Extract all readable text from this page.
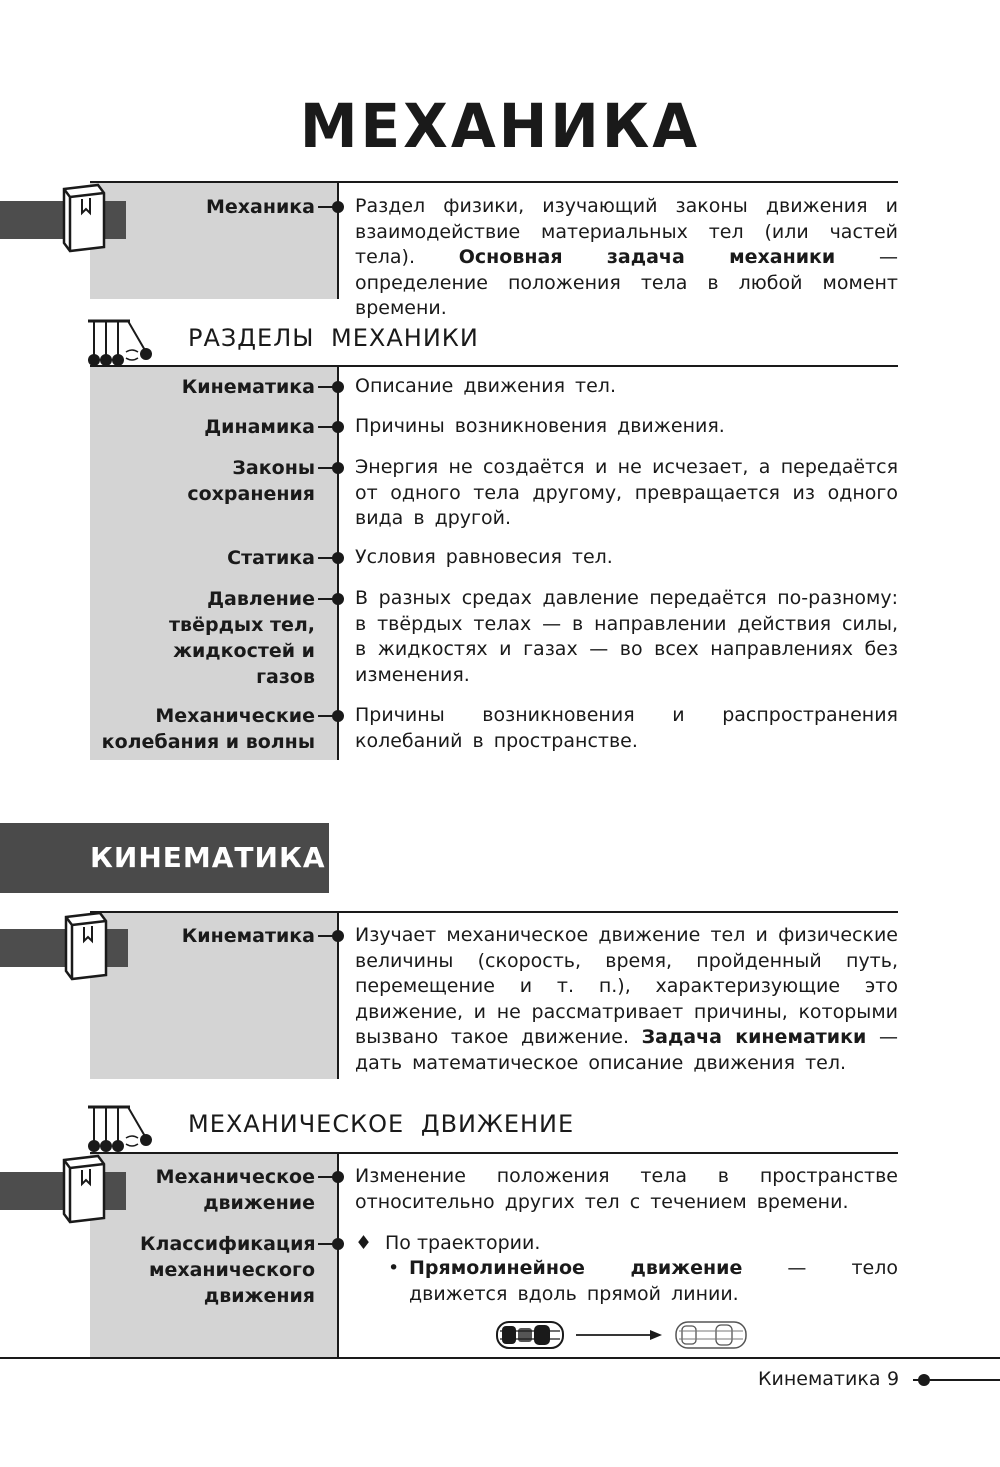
МЕХАНИКА
Механика Раздел физики, изучающий законы движения и взаимодействие материальных тел (или частей тела). Основная задача механики — определение положения тела в любой момент времени.
РАЗДЕЛЫ МЕХАНИКИ
Кинематика Описание движения тел.
Динамика Причины возникновения движения.
Законы сохранения
Энергия не создаётся и не исчезает, а передаётся от одного тела другому, превращается из одного вида в другой.
Статика Условия равновесия тел.
Давление твёрдых тел, жидкостей и газов
В разных средах давление передаётся по-разному: в твёрдых телах — в направлении действия силы, в жидкостях и газах — во всех направлениях без изменения.
Механические колебания и волны
Причины возникновения и распространения колебаний в пространстве.
КИНЕМАТИКА
Кинематика Изучает механическое движение тел и физические величины (скорость, время, пройденный путь, перемещение и т. п.), характеризующие это движение, и не рассматривает причины, которыми вызвано такое движение. Задача кинематики — дать математическое описание движения тел.
МЕХАНИЧЕСКОЕ ДВИЖЕНИЕ
Механическое движение
Изменение положения тела в пространстве относительно других тел с течением времени.
Классификация механического движения
♦ По траектории.
• Прямолинейное движение — тело движется вдоль прямой линии.
Кинематика 9
